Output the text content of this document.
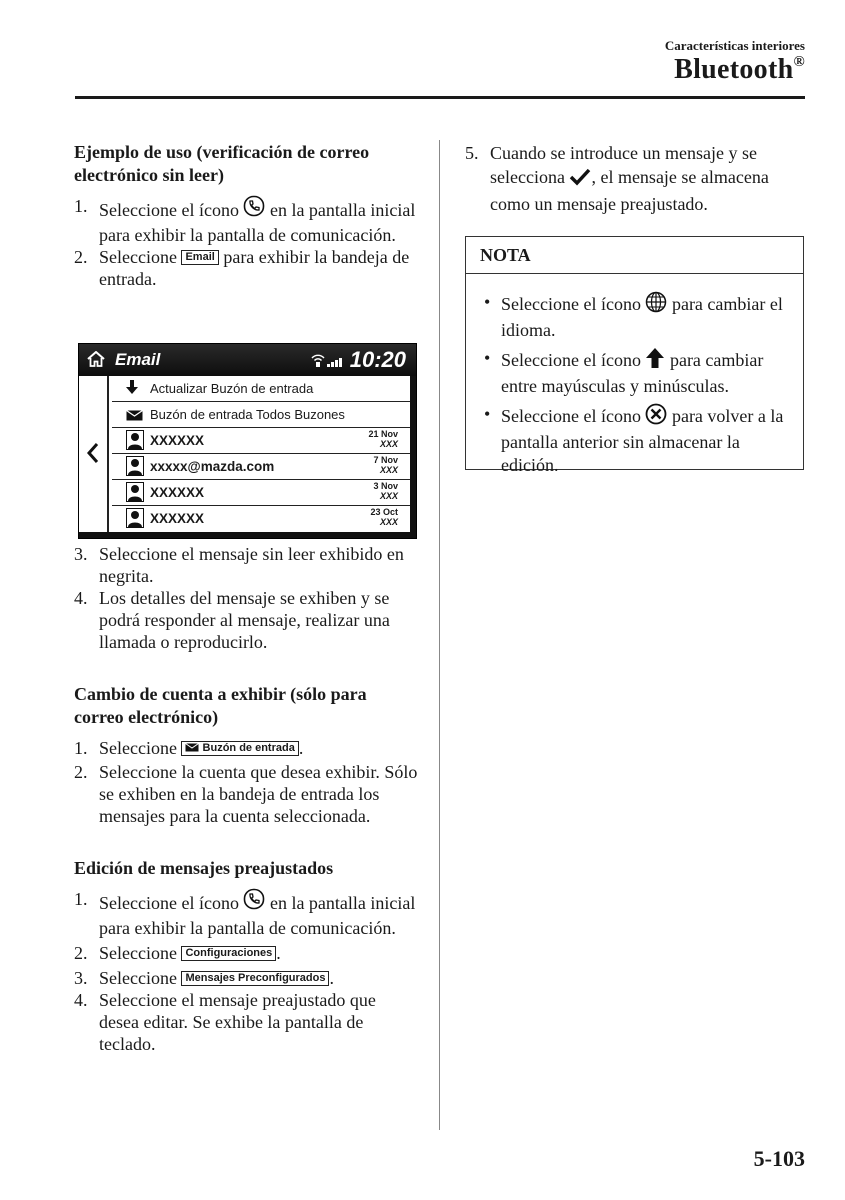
Características interiores
Bluetooth®

Ejemplo de uso (verificación de correo electrónico sin leer)

1. Seleccione el ícono en la pantalla inicial para exhibir la pantalla de comunicación.
2. Seleccione Email para exhibir la bandeja de entrada.
Email	10:20
Actualizar Buzón de entrada
Buzón de entrada Todos Buzones
XXXXXX	21 Nov
XXX
xxxxx@mazda.com	7 Nov
XXX
XXXXXX	3 Nov
XXX
XXXXXX	23 Oct
XXX
3. Seleccione el mensaje sin leer exhibido en negrita.
4. Los detalles del mensaje se exhiben y se podrá responder al mensaje, realizar una llamada o reproducirlo.

Cambio de cuenta a exhibir (sólo para correo electrónico)

1. Seleccione Buzón de entrada .
2. Seleccione la cuenta que desea exhibir. Sólo se exhiben en la bandeja de entrada los mensajes para la cuenta seleccionada.

Edición de mensajes preajustados

1. Seleccione el ícono en la pantalla inicial para exhibir la pantalla de comunicación.
2. Seleccione Configuraciones .
3. Seleccione Mensajes Preconfigurados .
4. Seleccione el mensaje preajustado que desea editar. Se exhibe la pantalla de teclado.
5. Cuando se introduce un mensaje y se selecciona , el mensaje se almacena como un mensaje preajustado.
NOTA
• Seleccione el ícono para cambiar el idioma.
• Seleccione el ícono para cambiar entre mayúsculas y minúsculas.
• Seleccione el ícono para volver a la pantalla anterior sin almacenar la edición.
5-103
